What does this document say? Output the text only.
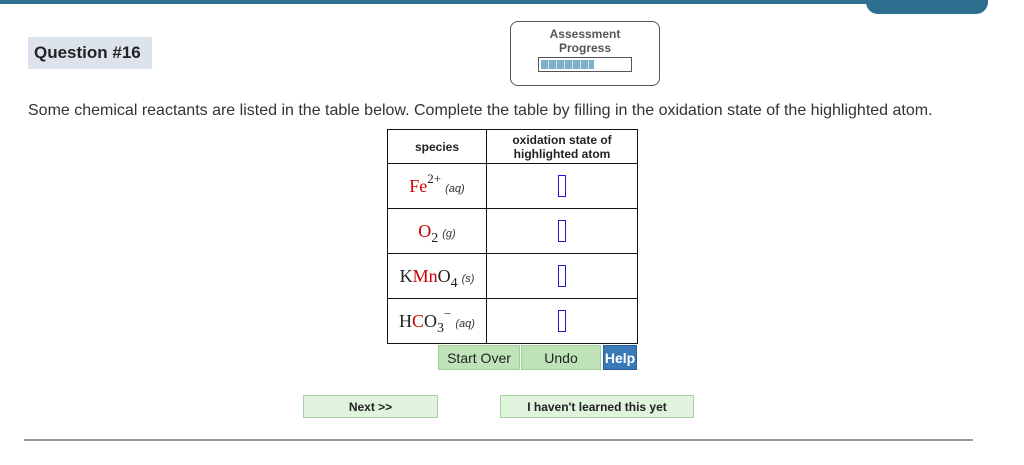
Question #16
Assessment
Progress
Some chemical reactants are listed in the table below. Complete the table by filling in the oxidation state of the highlighted atom.
species	oxidation state of highlighted atom

$Fe^{2+}(aq)$	
$O_2$ (g)	
KMnO$_4$ (s)	
$HCO_3^-(aq)$	
Start Over	Undo	Help
Next >>	I haven't learned this yet
